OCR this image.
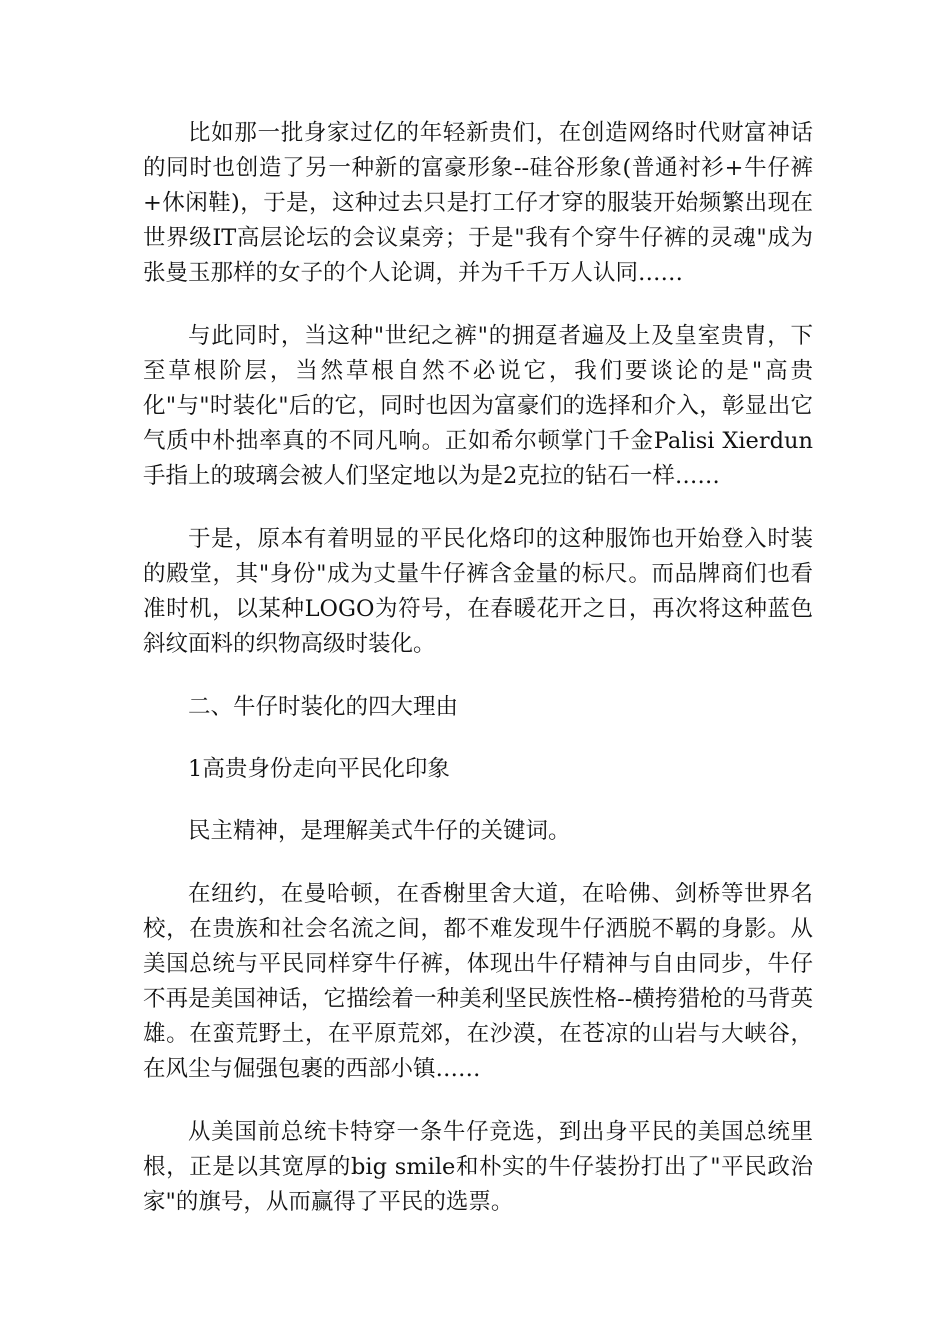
比如那一批身家过亿的年轻新贵们，在创造网络时代财富神话的同时也创造了另一种新的富豪形象--硅谷形象(普通衬衫+牛仔裤+休闲鞋)，于是，这种过去只是打工仔才穿的服装开始频繁出现在世界级IT高层论坛的会议桌旁；于是"我有个穿牛仔裤的灵魂"成为张曼玉那样的女子的个人论调，并为千千万人认同……

与此同时，当这种"世纪之裤"的拥趸者遍及上及皇室贵胄，下至草根阶层，当然草根自然不必说它，我们要谈论的是"高贵化"与"时装化"后的它，同时也因为富豪们的选择和介入，彰显出它气质中朴拙率真的不同凡响。正如希尔顿掌门千金Palisi Xierdun手指上的玻璃会被人们坚定地以为是2克拉的钻石一样……

于是，原本有着明显的平民化烙印的这种服饰也开始登入时装的殿堂，其"身份"成为丈量牛仔裤含金量的标尺。而品牌商们也看准时机，以某种LOGO为符号，在春暖花开之日，再次将这种蓝色斜纹面料的织物高级时装化。

二、牛仔时装化的四大理由

1高贵身份走向平民化印象

民主精神，是理解美式牛仔的关键词。

在纽约，在曼哈顿，在香榭里舍大道，在哈佛、剑桥等世界名校，在贵族和社会名流之间，都不难发现牛仔洒脱不羁的身影。从美国总统与平民同样穿牛仔裤，体现出牛仔精神与自由同步，牛仔不再是美国神话，它描绘着一种美利坚民族性格--横挎猎枪的马背英雄。在蛮荒野土，在平原荒郊，在沙漠，在苍凉的山岩与大峡谷，在风尘与倔强包裹的西部小镇……

从美国前总统卡特穿一条牛仔竞选，到出身平民的美国总统里根，正是以其宽厚的big smile和朴实的牛仔装扮打出了"平民政治家"的旗号，从而赢得了平民的选票。
